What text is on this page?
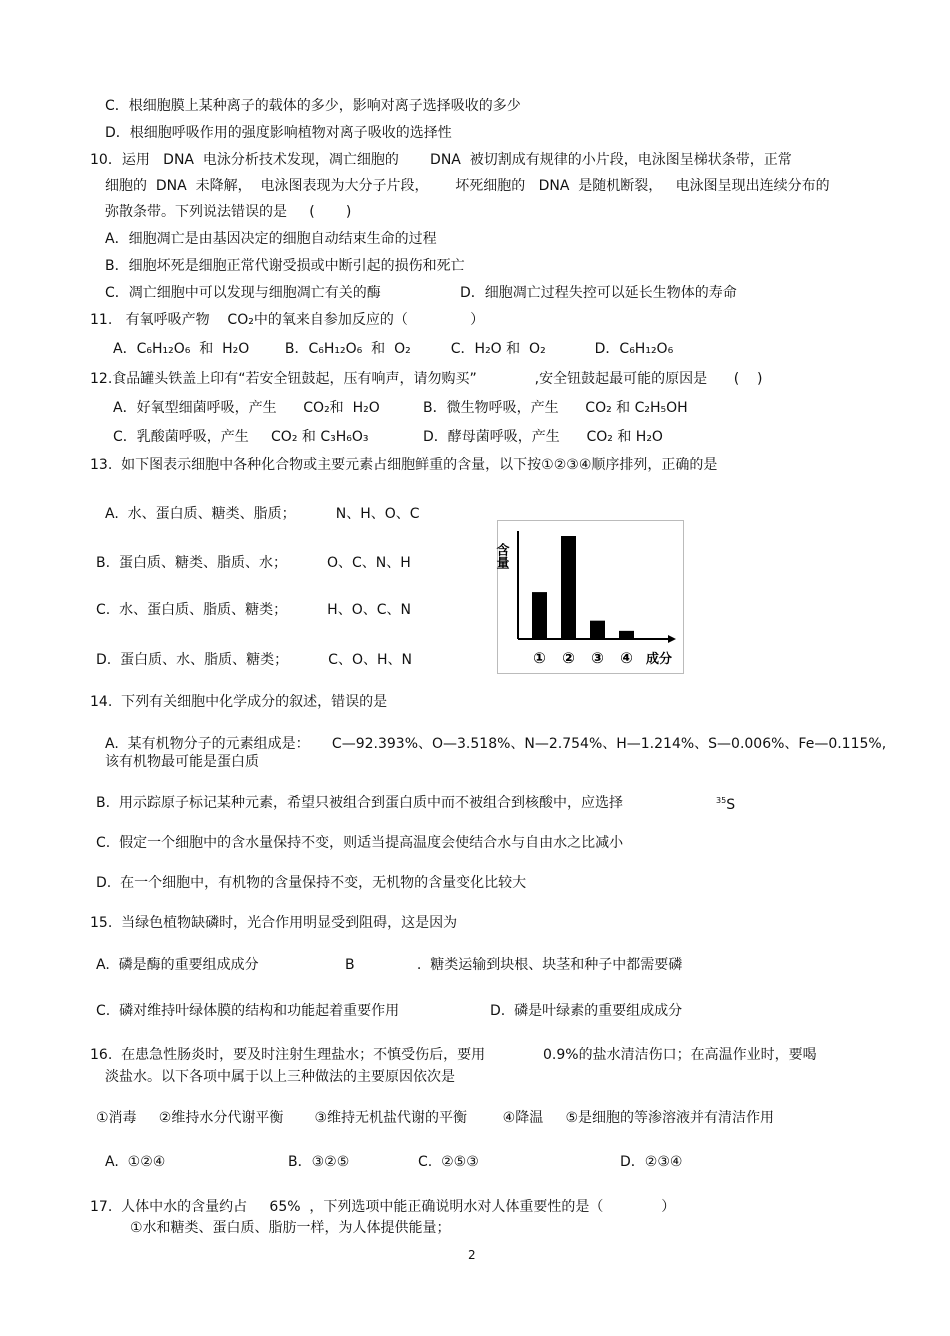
C．根细胞膜上某种离子的载体的多少，影响对离子选择吸收的多少
D．根细胞呼吸作用的强度影响植物对离子吸收的选择性
10．运用   DNA  电泳分析技术发现，凋亡细胞的       DNA  被切割成有规律的小片段，电泳图呈梯状条带，正常
细胞的  DNA  未降解，  电泳图表现为大分子片段，      坏死细胞的   DNA  是随机断裂，   电泳图呈现出连续分布的
弥散条带。下列说法错误的是     (       )
A．细胞凋亡是由基因决定的细胞自动结束生命的过程
B．细胞坏死是细胞正常代谢受损或中断引起的损伤和死亡
C．凋亡细胞中可以发现与细胞凋亡有关的酶	D．细胞凋亡过程失控可以延长生物体的寿命
11.   有氧呼吸产物    CO₂中的氧来自参加反应的（              ）
A．C₆H₁₂O₆  和  H₂O        B．C₆H₁₂O₆  和  O₂         C．H₂O 和  O₂           D．C₆H₁₂O₆
12.食品罐头铁盖上印有“若安全钮鼓起，压有响声，请勿购买”             ,安全钮鼓起最可能的原因是      (    )
A．好氧型细菌呼吸，产生      CO₂和  H₂O	B．微生物呼吸，产生      CO₂ 和 C₂H₅OH
C．乳酸菌呼吸，产生     CO₂ 和 C₃H₆O₃	D．酵母菌呼吸，产生      CO₂ 和 H₂O
13.  如下图表示细胞中各种化合物或主要元素占细胞鲜重的含量，以下按①②③④顺序排列，正确的是
A.  水、蛋白质、糖类、脂质；         N、H、O、C
B.  蛋白质、糖类、脂质、水；         O、C、N、H
C.  水、蛋白质、脂质、糖类；         H、O、C、N
D.  蛋白质、水、脂质、糖类；         C、O、H、N
含量
成分
① ② ③ ④
14.  下列有关细胞中化学成分的叙述，错误的是
A.  某有机物分子的元素组成是：     C—92.393%、O—3.518%、N—2.754%、H—1.214%、S—0.006%、Fe—0.115%,
该有机物最可能是蛋白质
B.  用示踪原子标记某种元素，希望只被组合到蛋白质中而不被组合到核酸中，应选择	$^{35}$S
C.  假定一个细胞中的含水量保持不变，则适当提高温度会使结合水与自由水之比减小
D.  在一个细胞中，有机物的含量保持不变，无机物的含量变化比较大
15.  当绿色植物缺磷时，光合作用明显受到阻碍，这是因为
A.  磷是酶的重要组成成分	B              .  糖类运输到块根、块茎和种子中都需要磷
C.  磷对维持叶绿体膜的结构和功能起着重要作用	D.  磷是叶绿素的重要组成成分
16.  在患急性肠炎时，要及时注射生理盐水；不慎受伤后，要用             0.9%的盐水清洁伤口；在高温作业时，要喝
淡盐水。以下各项中属于以上三种做法的主要原因依次是
①消毒     ②维持水分代谢平衡       ③维持无机盐代谢的平衡        ④降温     ⑤是细胞的等渗溶液并有清洁作用
A.  ①②④	B．③②⑤	C.  ②⑤③	D．②③④
17.  人体中水的含量约占     65%  ，下列选项中能正确说明水对人体重要性的是（             ）
①水和糖类、蛋白质、脂肪一样，为人体提供能量；
2
